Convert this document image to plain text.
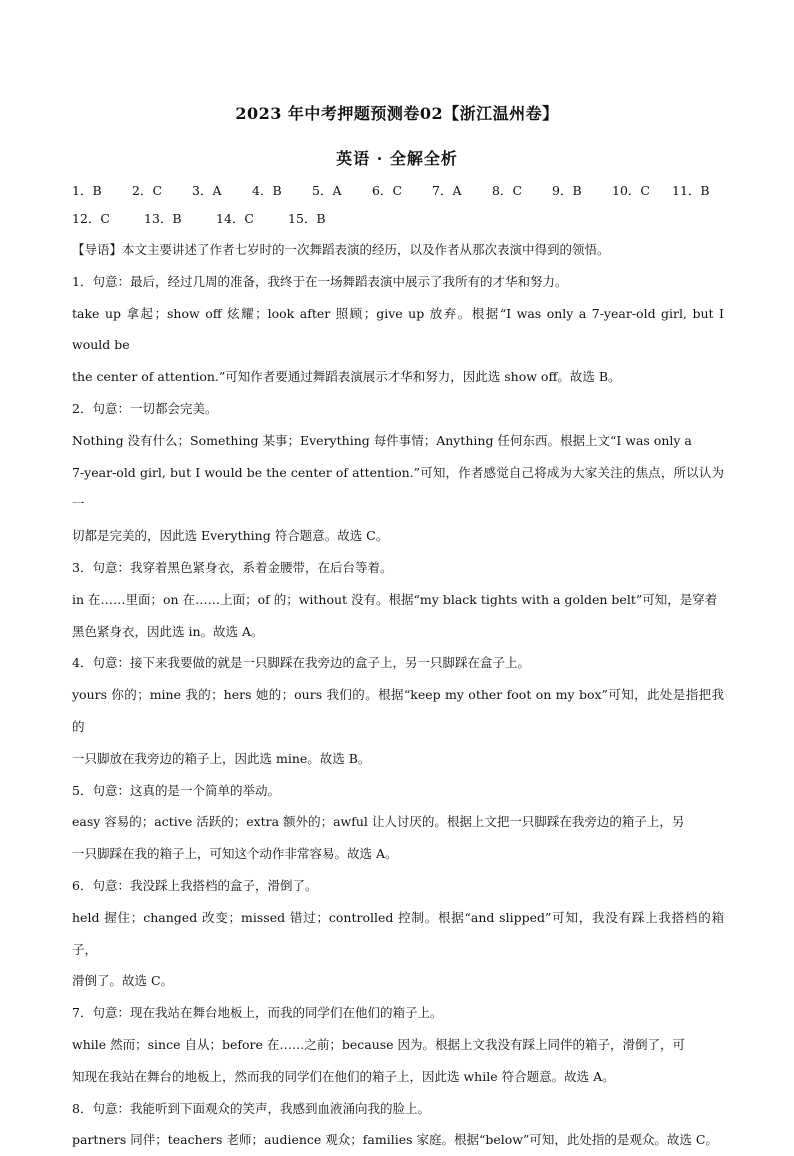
2023 年中考押题预测卷02【浙江温州卷】
英语 · 全解全析
1．B	2．C	3．A	4．B	5．A	6．C	7．A	8．C	9．B	10．C	11．B
12．C	13．B	14．C	15．B

【导语】本文主要讲述了作者七岁时的一次舞蹈表演的经历，以及作者从那次表演中得到的领悟。

1．句意：最后，经过几周的准备，我终于在一场舞蹈表演中展示了我所有的才华和努力。

take up 拿起；show off 炫耀；look after 照顾；give up 放弃。根据“I was only a 7-year-old girl, but I would be

the center of attention.”可知作者要通过舞蹈表演展示才华和努力，因此选 show off。故选 B。

2．句意：一切都会完美。

Nothing 没有什么；Something 某事；Everything 每件事情；Anything 任何东西。根据上文“I was only a

7-year-old girl, but I would be the center of attention.”可知，作者感觉自己将成为大家关注的焦点，所以认为一

切都是完美的，因此选 Everything 符合题意。故选 C。

3．句意：我穿着黑色紧身衣，系着金腰带，在后台等着。

in 在……里面；on 在……上面；of 的；without 没有。根据“my black tights with a golden belt”可知，是穿着

黑色紧身衣，因此选 in。故选 A。

4．句意：接下来我要做的就是一只脚踩在我旁边的盒子上，另一只脚踩在盒子上。

yours 你的；mine 我的；hers 她的；ours 我们的。根据“keep my other foot on my box”可知，此处是指把我的

一只脚放在我旁边的箱子上，因此选 mine。故选 B。

5．句意：这真的是一个简单的举动。

easy 容易的；active 活跃的；extra 额外的；awful 让人讨厌的。根据上文把一只脚踩在我旁边的箱子上，另

一只脚踩在我的箱子上，可知这个动作非常容易。故选 A。

6．句意：我没踩上我搭档的盒子，滑倒了。

held 握住；changed 改变；missed 错过；controlled 控制。根据“and slipped”可知，我没有踩上我搭档的箱子，

滑倒了。故选 C。

7．句意：现在我站在舞台地板上，而我的同学们在他们的箱子上。

while 然而；since 自从；before 在……之前；because 因为。根据上文我没有踩上同伴的箱子，滑倒了，可

知现在我站在舞台的地板上，然而我的同学们在他们的箱子上，因此选 while 符合题意。故选 A。

8．句意：我能听到下面观众的笑声，我感到血液涌向我的脸上。

partners 同伴；teachers 老师；audience 观众；families 家庭。根据“below”可知，此处指的是观众。故选 C。
